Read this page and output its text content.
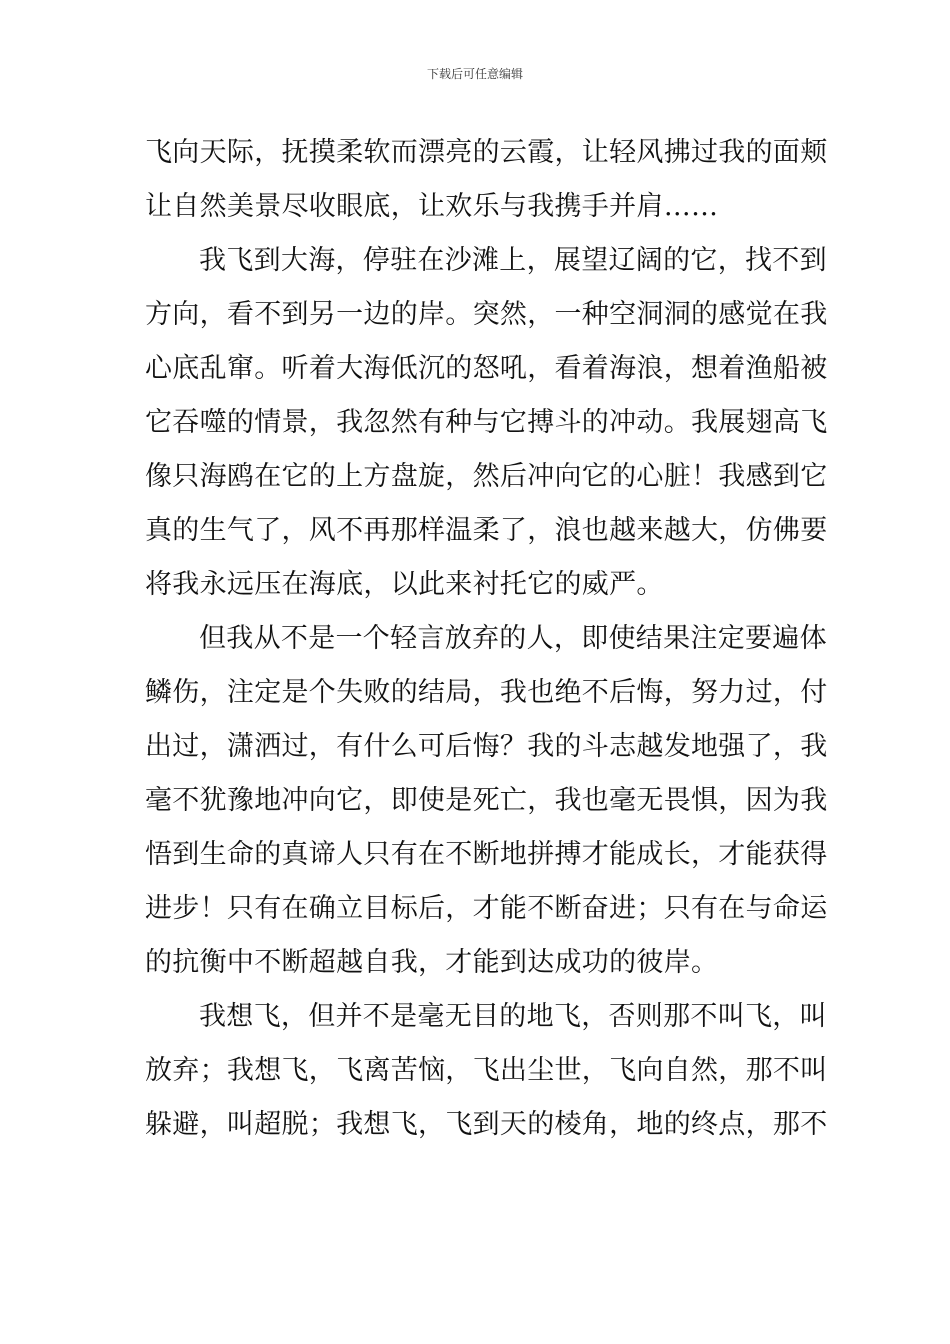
下载后可任意编辑
飞向天际，抚摸柔软而漂亮的云霞，让轻风拂过我的面颊
让自然美景尽收眼底，让欢乐与我携手并肩……
我飞到大海，停驻在沙滩上，展望辽阔的它，找不到
方向，看不到另一边的岸。突然，一种空洞洞的感觉在我
心底乱窜。听着大海低沉的怒吼，看着海浪，想着渔船被
它吞噬的情景，我忽然有种与它搏斗的冲动。我展翅高飞
像只海鸥在它的上方盘旋，然后冲向它的心脏！我感到它
真的生气了，风不再那样温柔了，浪也越来越大，仿佛要
将我永远压在海底，以此来衬托它的威严。
但我从不是一个轻言放弃的人，即使结果注定要遍体
鳞伤，注定是个失败的结局，我也绝不后悔，努力过，付
出过，潇洒过，有什么可后悔？我的斗志越发地强了，我
毫不犹豫地冲向它，即使是死亡，我也毫无畏惧，因为我
悟到生命的真谛人只有在不断地拼搏才能成长，才能获得
进步！只有在确立目标后，才能不断奋进；只有在与命运
的抗衡中不断超越自我，才能到达成功的彼岸。
我想飞，但并不是毫无目的地飞，否则那不叫飞，叫
放弃；我想飞，飞离苦恼，飞出尘世，飞向自然，那不叫
躲避，叫超脱；我想飞，飞到天的棱角，地的终点，那不
